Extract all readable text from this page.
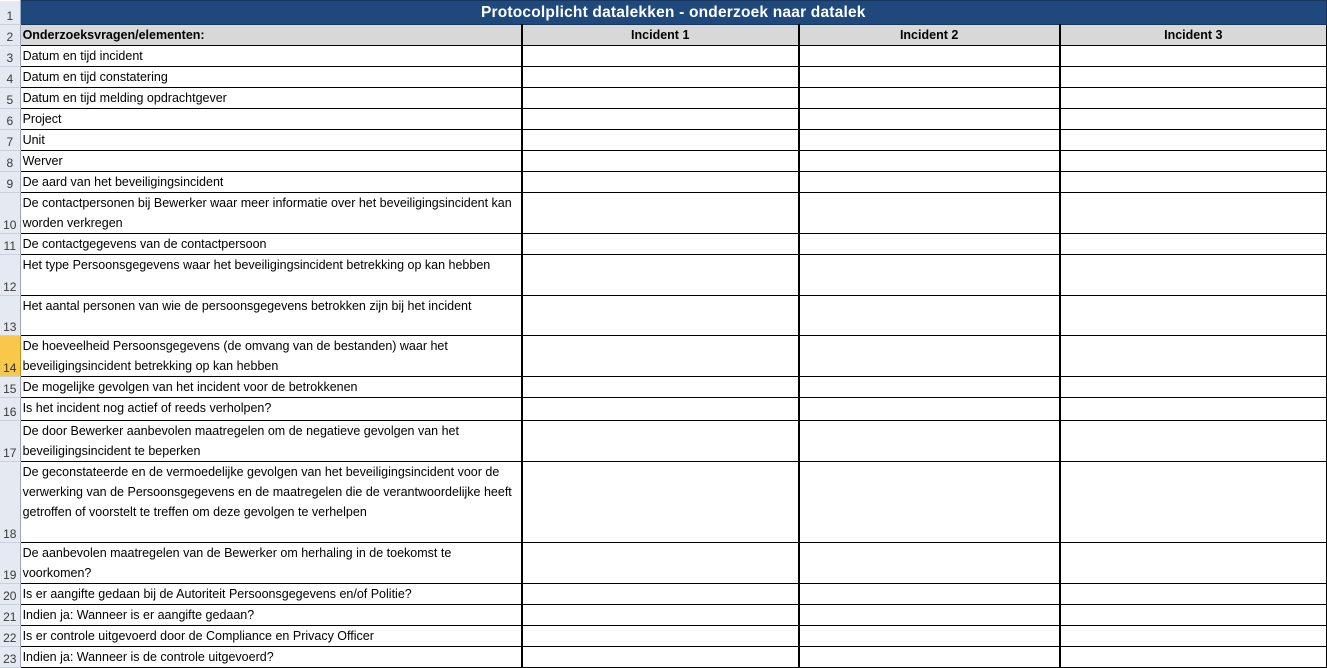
1	Protocolplicht datalekken - onderzoek naar datalek			
2	Onderzoeksvragen/elementen:	Incident 1	Incident 2	Incident 3
3	Datum en tijd incident			
4	Datum en tijd constatering			
5	Datum en tijd melding opdrachtgever			
6	Project			
7	Unit			
8	Werver			
9	De aard van het beveiligingsincident			
10	De contactpersonen bij Bewerker waar meer informatie over het beveiligingsincident kan worden verkregen			
11	De contactgegevens van de contactpersoon			
12	Het type Persoonsgegevens waar het beveiligingsincident betrekking op kan hebben			
13	Het aantal personen van wie de persoonsgegevens betrokken zijn bij het incident			
14	De hoeveelheid Persoonsgegevens (de omvang van de bestanden) waar het beveiligingsincident betrekking op kan hebben			
15	De mogelijke gevolgen van het incident voor de betrokkenen			
16	Is het incident nog actief of reeds verholpen?			
17	De door Bewerker aanbevolen maatregelen om de negatieve gevolgen van het beveiligingsincident te beperken			
18	De geconstateerde en de vermoedelijke gevolgen van het beveiligingsincident voor de verwerking van de Persoonsgegevens en de maatregelen die de verantwoordelijke heeft getroffen of voorstelt te treffen om deze gevolgen te verhelpen			
19	De aanbevolen maatregelen van de Bewerker om herhaling in de toekomst te voorkomen?			
20	Is er aangifte gedaan bij de Autoriteit Persoonsgegevens en/of Politie?			
21	Indien ja: Wanneer is er aangifte gedaan?			
22	Is er controle uitgevoerd door de Compliance en Privacy Officer			
23	Indien ja: Wanneer is de controle uitgevoerd?			
